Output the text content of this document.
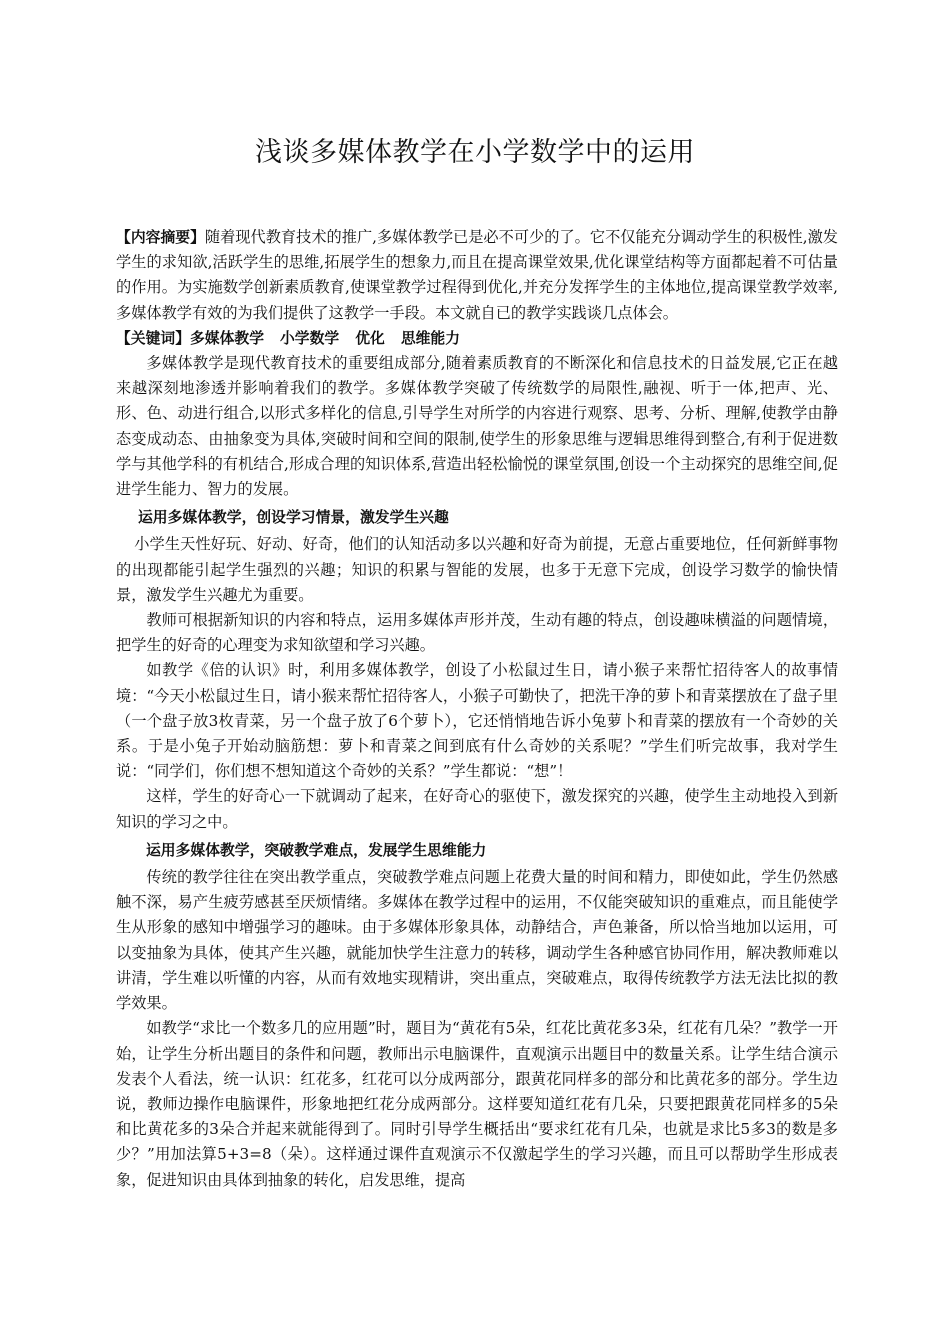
浅谈多媒体教学在小学数学中的运用

【内容摘要】随着现代教育技术的推广,多媒体教学已是必不可少的了。它不仅能充分调动学生的积极性,激发学生的求知欲,活跃学生的思维,拓展学生的想象力,而且在提高课堂效果,优化课堂结构等方面都起着不可估量的作用。为实施数学创新素质教育,使课堂教学过程得到优化,并充分发挥学生的主体地位,提高课堂教学效率,多媒体教学有效的为我们提供了这教学一手段。本文就自已的教学实践谈几点体会。

【关键词】多媒体教学 小学数学 优化 思维能力

多媒体教学是现代教育技术的重要组成部分,随着素质教育的不断深化和信息技术的日益发展,它正在越来越深刻地渗透并影响着我们的教学。多媒体教学突破了传统数学的局限性,融视、听于一体,把声、光、形、色、动进行组合,以形式多样化的信息,引导学生对所学的内容进行观察、思考、分析、理解,使教学由静态变成动态、由抽象变为具体,突破时间和空间的限制,使学生的形象思维与逻辑思维得到整合,有利于促进数学与其他学科的有机结合,形成合理的知识体系,营造出轻松愉悦的课堂氛围,创设一个主动探究的思维空间,促进学生能力、智力的发展。

运用多媒体教学，创设学习情景，激发学生兴趣

小学生天性好玩、好动、好奇，他们的认知活动多以兴趣和好奇为前提，无意占重要地位，任何新鲜事物的出现都能引起学生强烈的兴趣；知识的积累与智能的发展，也多于无意下完成，创设学习数学的愉快情景，激发学生兴趣尤为重要。

教师可根据新知识的内容和特点，运用多媒体声形并茂，生动有趣的特点，创设趣味横溢的问题情境，把学生的好奇的心理变为求知欲望和学习兴趣。

如教学《倍的认识》时，利用多媒体教学，创设了小松鼠过生日，请小猴子来帮忙招待客人的故事情境：“今天小松鼠过生日，请小猴来帮忙招待客人，小猴子可勤快了，把洗干净的萝卜和青菜摆放在了盘子里（一个盘子放3枚青菜，另一个盘子放了6个萝卜），它还悄悄地告诉小兔萝卜和青菜的摆放有一个奇妙的关系。于是小兔子开始动脑筋想：萝卜和青菜之间到底有什么奇妙的关系呢？”学生们听完故事，我对学生说：“同学们，你们想不想知道这个奇妙的关系？”学生都说：“想”！

这样，学生的好奇心一下就调动了起来，在好奇心的驱使下，激发探究的兴趣，使学生主动地投入到新知识的学习之中。

运用多媒体教学，突破教学难点，发展学生思维能力

传统的教学往往在突出教学重点，突破教学难点问题上花费大量的时间和精力，即使如此，学生仍然感触不深，易产生疲劳感甚至厌烦情绪。多媒体在教学过程中的运用，不仅能突破知识的重难点，而且能使学生从形象的感知中增强学习的趣味。由于多媒体形象具体，动静结合，声色兼备，所以恰当地加以运用，可以变抽象为具体，使其产生兴趣，就能加快学生注意力的转移，调动学生各种感官协同作用，解决教师难以讲清，学生难以听懂的内容，从而有效地实现精讲，突出重点，突破难点，取得传统教学方法无法比拟的教学效果。

如教学“求比一个数多几的应用题”时，题目为“黄花有5朵，红花比黄花多3朵，红花有几朵？”教学一开始，让学生分析出题目的条件和问题，教师出示电脑课件，直观演示出题目中的数量关系。让学生结合演示发表个人看法，统一认识：红花多，红花可以分成两部分，跟黄花同样多的部分和比黄花多的部分。学生边说，教师边操作电脑课件，形象地把红花分成两部分。这样要知道红花有几朵，只要把跟黄花同样多的5朵和比黄花多的3朵合并起来就能得到了。同时引导学生概括出“要求红花有几朵，也就是求比5多3的数是多少？”用加法算5+3=8（朵）。这样通过课件直观演示不仅激起学生的学习兴趣，而且可以帮助学生形成表象，促进知识由具体到抽象的转化，启发思维，提高
